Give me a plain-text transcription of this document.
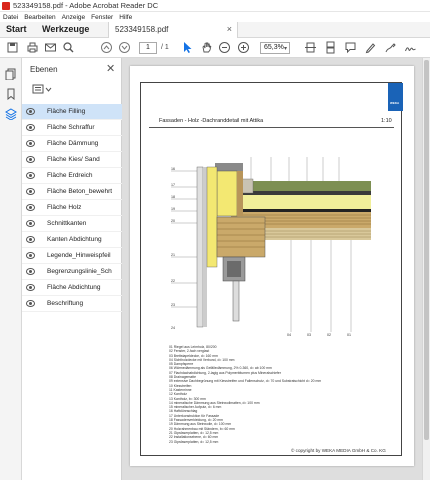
523349158.pdf - Adobe Acrobat Reader DC
Datei Bearbeiten Anzeige Fenster Hilfe
Start Werkzeuge	523349158.pdf	×
1	/ 1	65,3% ▾
Ebenen	✕
Fläche Filling
Fläche Schraffur
Fläche Dämmung
Fläche Kies/ Sand
Fläche Erdreich
Fläche Beton_bewehrt
Fläche Holz
Schnittkanten
Kanten Abdichtung
Legende_Hinweispfeil
Begrenzungslinie_Sch
Fläche Abdichtung
Beschriftung
WEKA
Fassaden - Holz -Dachranddetail mit Attika	1:10
16
17
18
19
20
21
22
23
24
04	03	02	01
01 Riegel aus Leimholz, 80/200
02 Fenster, 2-fach verglast
03 Brettstapeldecke, d= 160 mm
04 Sichtholzdecke mit Verbund, d= 100 mm
05 Dampfsperre
06 Wärmedämmung als Gefälledämmung, 2% 0-360, d= ab 100 mm
07 Flachdachabdichtung, 2-lagig aus Polymerbitumen plus Mineralschiefer
08 Drainagematte
09 extensive Dachbegrünung mit Kiesstreifen und Fallenschutz, d= 70 und Substratschicht d= 20 mm
10 Kiesstreifen
11 Kastenrinne
12 Kantholz
13 Kantholz, b= 300 mm
14 mineralische Dämmung aus Steinwollmatten, d= 100 mm
15 mineralischer Aufputz, d= 6 mm
16 Haftdünnschlag
17 Unterkonstruktion für Fassade
18 Fassadenverkleidung, d= 20 mm
19 Dämmung aus Steinwolle, d= 100 mm
20 Holzrahmenbau mit Ständern, b= 60 mm
21 Gipsfaserplatten, d= 12,5 mm
22 Installationsebene, d= 60 mm
23 Gipsfaserplatten, d= 12,5 mm
© copyright by WEKA MEDIA GmbH & Co. KG
